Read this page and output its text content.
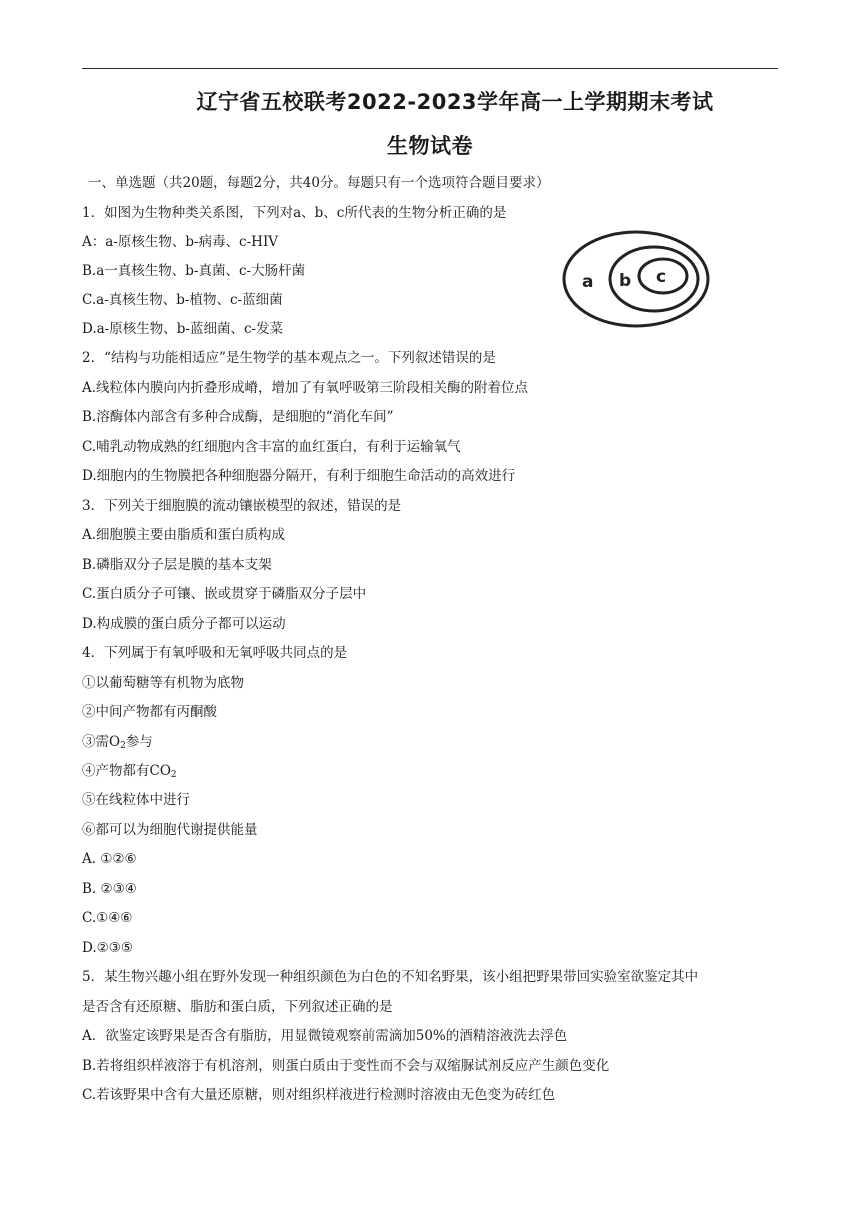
辽宁省五校联考2022-2023学年高一上学期期末考试
生物试卷
一、单选题（共20题，每题2分，共40分。每题只有一个选项符合题目要求）
1．如图为生物种类关系图，下列对a、b、c所代表的生物分析正确的是
A：a-原核生物、b-病毒、c-HIV
B.a一真核生物、b-真菌、c-大肠杆菌
C.a-真核生物、b-植物、c-蓝细菌
D.a-原核生物、b-蓝细菌、c-发菜
a b c
2．“结构与功能相适应”是生物学的基本观点之一。下列叙述错误的是
A.线粒体内膜向内折叠形成嵴，增加了有氧呼吸第三阶段相关酶的附着位点
B.溶酶体内部含有多种合成酶，是细胞的“消化车间”
C.哺乳动物成熟的红细胞内含丰富的血红蛋白，有利于运输氧气
D.细胞内的生物膜把各种细胞器分隔开，有利于细胞生命活动的高效进行
3．下列关于细胞膜的流动镶嵌模型的叙述，错误的是
A.细胞膜主要由脂质和蛋白质构成
B.磷脂双分子层是膜的基本支架
C.蛋白质分子可镶、嵌或贯穿于磷脂双分子层中
D.构成膜的蛋白质分子都可以运动
4．下列属于有氧呼吸和无氧呼吸共同点的是
①以葡萄糖等有机物为底物
②中间产物都有丙酮酸
③需$O_2$参与
④产物都有$CO_2$
⑤在线粒体中进行
⑥都可以为细胞代谢提供能量
A. ①②⑥
B. ②③④
C.①④⑥
D.②③⑤
5．某生物兴趣小组在野外发现一种组织颜色为白色的不知名野果，该小组把野果带回实验室欲鉴定其中
是否含有还原糖、脂肪和蛋白质，下列叙述正确的是
A．欲鉴定该野果是否含有脂肪，用显微镜观察前需滴加50%的酒精溶液洗去浮色
B.若将组织样液溶于有机溶剂，则蛋白质由于变性而不会与双缩脲试剂反应产生颜色变化
C.若该野果中含有大量还原糖，则对组织样液进行检测时溶液由无色变为砖红色
